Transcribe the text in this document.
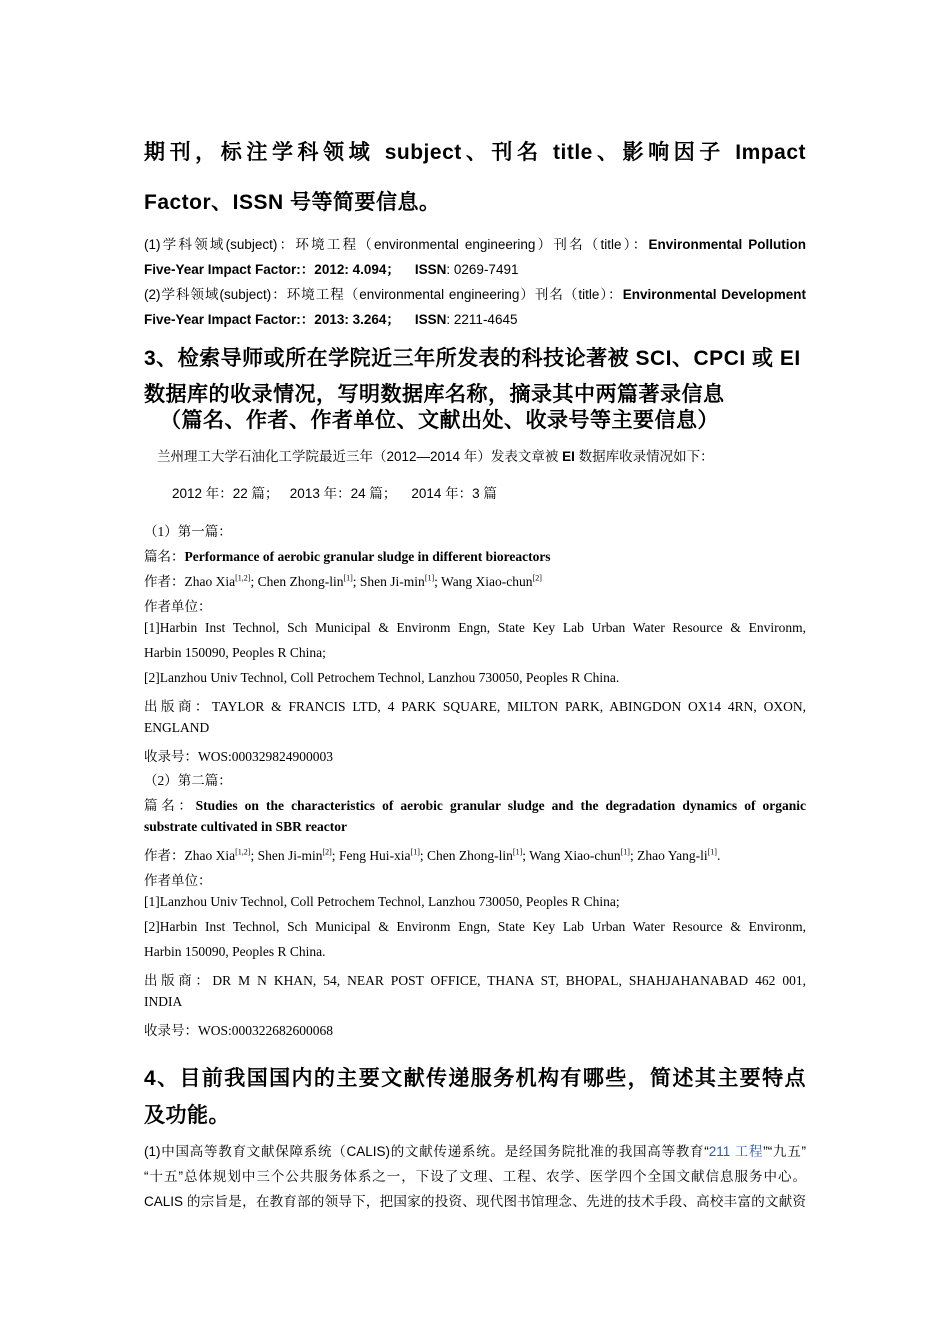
期刊，标注学科领域 subject、刊名 title、影响因子 Impact
Factor、ISSN 号等简要信息。
(1)学科领域(subject)：环境工程（environmental engineering）刊名（title）：Environmental Pollution
Five-Year Impact Factor:：2012: 4.094； ISSN: 0269-7491
(2)学科领域(subject)：环境工程（environmental engineering）刊名（title）：Environmental Development
Five-Year Impact Factor:：2013: 3.264； ISSN: 2211-4645
3、检索导师或所在学院近三年所发表的科技论著被 SCI、CPCI 或 EI
数据库的收录情况，写明数据库名称，摘录其中两篇著录信息
（篇名、作者、作者单位、文献出处、收录号等主要信息）
兰州理工大学石油化工学院最近三年（2012—2014 年）发表文章被 EI 数据库收录情况如下：
2012 年：22 篇；   2013 年：24 篇；    2014 年：3 篇
（1）第一篇：
篇名：Performance of aerobic granular sludge in different bioreactors
作者：Zhao Xia[1,2]; Chen Zhong-lin[1]; Shen Ji-min[1]; Wang Xiao-chun[2]
作者单位：
[1]Harbin Inst Technol, Sch Municipal & Environm Engn, State Key Lab Urban Water Resource & Environm,
Harbin 150090, Peoples R China;
[2]Lanzhou Univ Technol, Coll Petrochem Technol, Lanzhou 730050, Peoples R China.
出版商：TAYLOR & FRANCIS LTD, 4 PARK SQUARE, MILTON PARK, ABINGDON OX14 4RN, OXON,
ENGLAND
收录号：WOS:000329824900003
（2）第二篇：
篇名：Studies on the characteristics of aerobic granular sludge and the degradation dynamics of organic
substrate cultivated in SBR reactor
作者：Zhao Xia[1,2]; Shen Ji-min[2]; Feng Hui-xia[1]; Chen Zhong-lin[1]; Wang Xiao-chun[1]; Zhao Yang-li[1].
作者单位：
[1]Lanzhou Univ Technol, Coll Petrochem Technol, Lanzhou 730050, Peoples R China;
[2]Harbin Inst Technol, Sch Municipal & Environm Engn, State Key Lab Urban Water Resource & Environm,
Harbin 150090, Peoples R China.
出版商：DR M N KHAN, 54, NEAR POST OFFICE, THANA ST, BHOPAL, SHAHJAHANABAD 462 001,
INDIA
收录号：WOS:000322682600068
4、目前我国国内的主要文献传递服务机构有哪些，简述其主要特点
及功能。
(1)中国高等教育文献保障系统（CALIS)的文献传递系统。是经国务院批准的我国高等教育“211 工程”“九五”
“十五”总体规划中三个公共服务体系之一，下设了文理、工程、农学、医学四个全国文献信息服务中心。
CALIS 的宗旨是，在教育部的领导下，把国家的投资、现代图书馆理念、先进的技术手段、高校丰富的文献资
